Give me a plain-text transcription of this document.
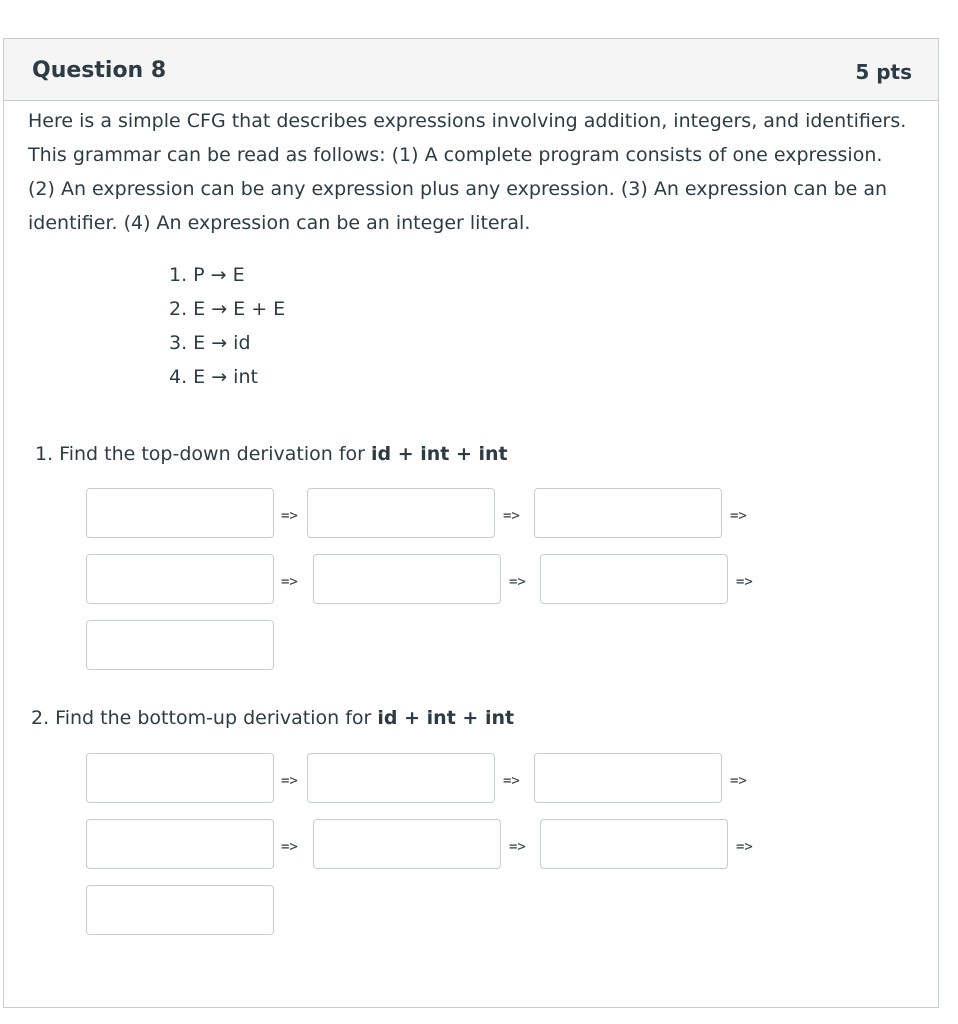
Question 8	5 pts
Here is a simple CFG that describes expressions involving addition, integers, and identifiers. This grammar can be read as follows: (1) A complete program consists of one expression. (2) An expression can be any expression plus any expression. (3) An expression can be an identifier. (4) An expression can be an integer literal.
1. P → E
2. E → E + E
3. E → id
4. E → int
1. Find the top-down derivation for id + int + int
=>	=>	=>
=>	=>	=>
2. Find the bottom-up derivation for id + int + int
=>	=>	=>
=>	=>	=>
